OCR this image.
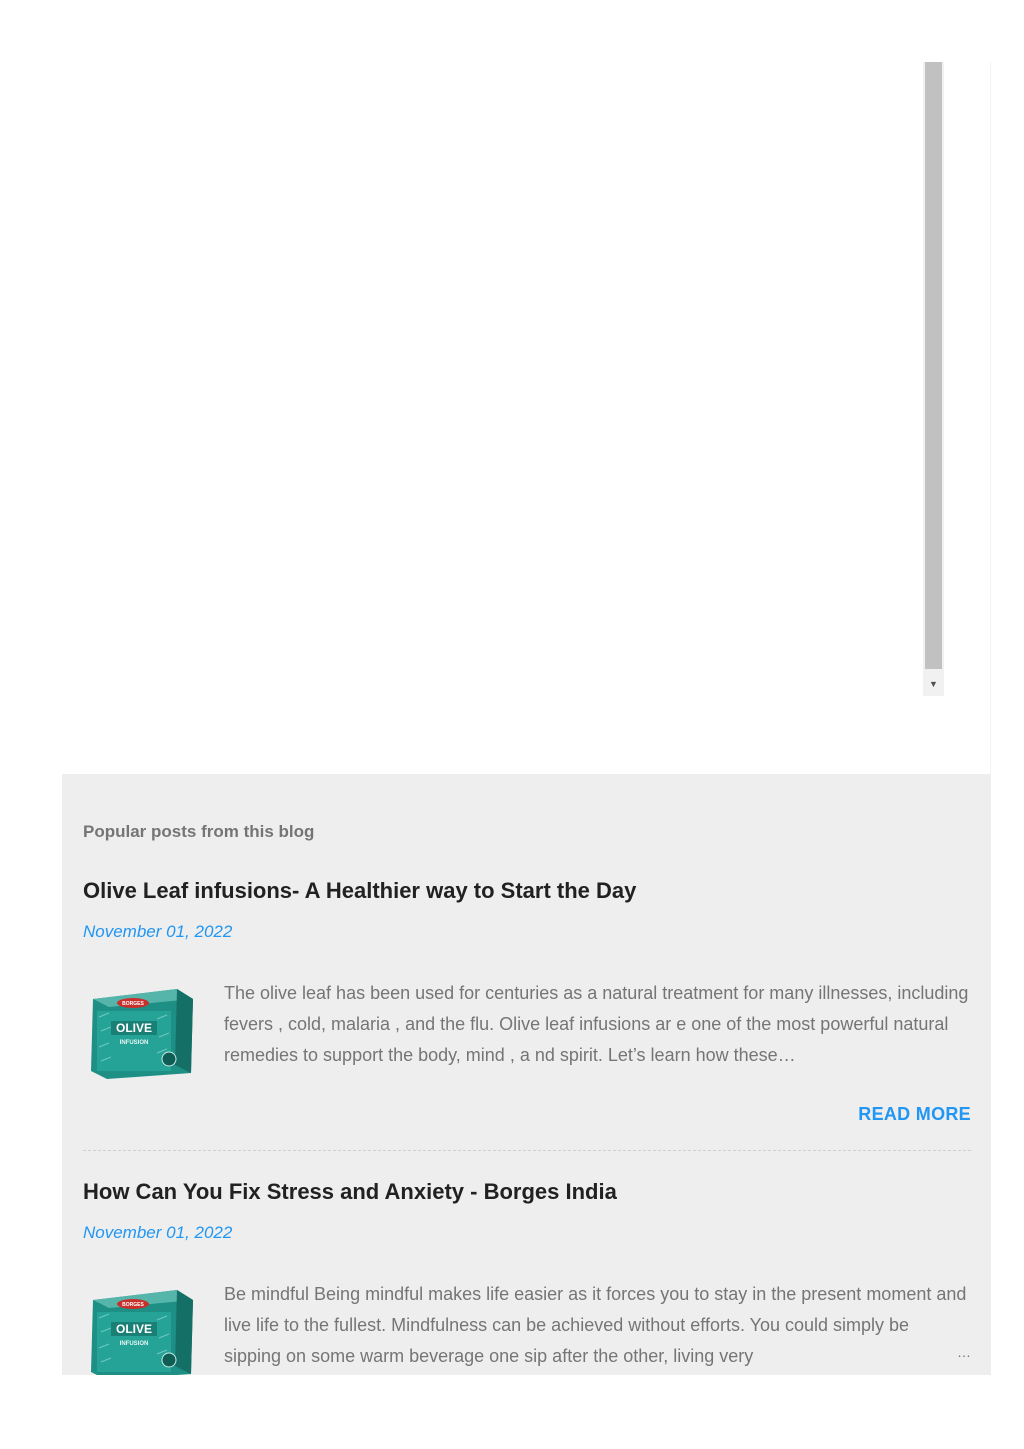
▼
Popular posts from this blog
Olive Leaf infusions- A Healthier way to Start the Day
November 01, 2022
OLIVE
INFUSION
BORGES

The olive leaf has been used for centuries as a natural treatment for many illnesses, including fevers , cold, malaria , and the flu. Olive leaf infusions ar e one of the most powerful natural remedies to support the body, mind , a nd spirit. Let’s learn how these…

READ MORE
How Can You Fix Stress and Anxiety - Borges India
November 01, 2022
OLIVE
INFUSION
BORGES

Be mindful Being mindful makes life easier as it forces you to stay in the present moment and live life to the fullest. Mindfulness can be achieved without efforts. You could simply be sipping on some warm beverage one sip after the other, living very	…
